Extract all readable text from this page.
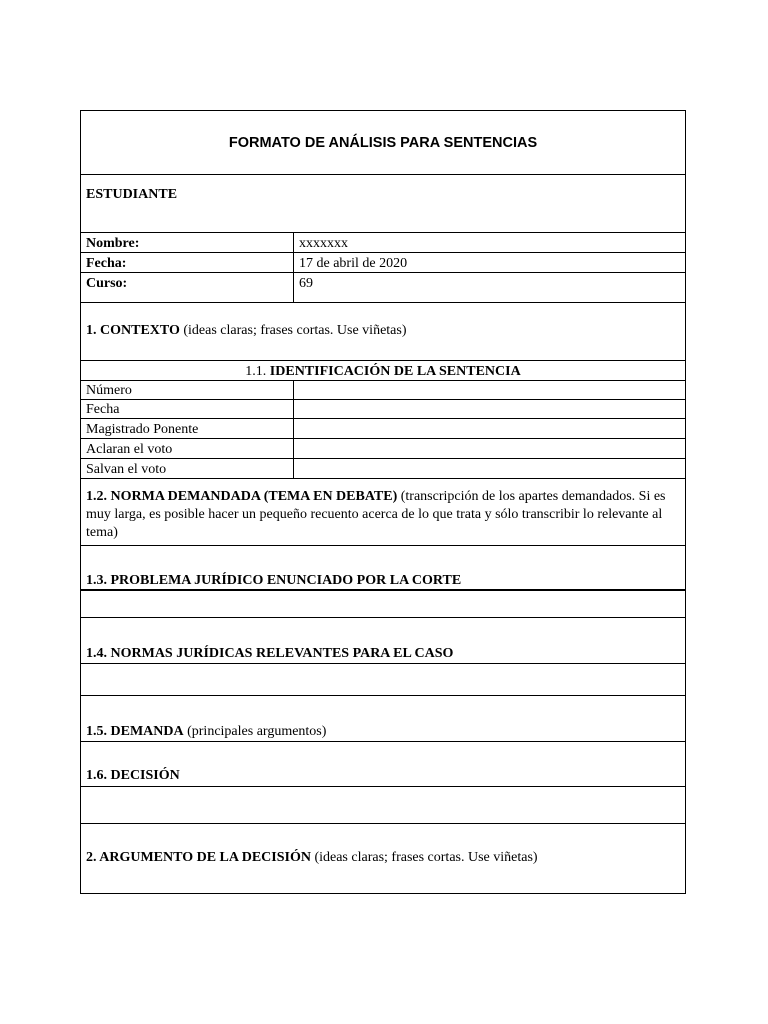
FORMATO DE ANÁLISIS PARA SENTENCIAS
ESTUDIANTE
Nombre:	xxxxxxx
Fecha:	17 de abril de 2020
Curso:	69
1. CONTEXTO (ideas claras; frases cortas. Use viñetas)
1.1. IDENTIFICACIÓN DE LA SENTENCIA
Número
Fecha
Magistrado Ponente
Aclaran el voto
Salvan el voto
1.2. NORMA DEMANDADA (TEMA EN DEBATE) (transcripción de los apartes demandados. Si es muy larga, es posible hacer un pequeño recuento acerca de lo que trata y sólo transcribir lo relevante al tema)
1.3. PROBLEMA JURÍDICO ENUNCIADO POR LA CORTE
1.4. NORMAS JURÍDICAS RELEVANTES PARA EL CASO
1.5. DEMANDA (principales argumentos)
1.6. DECISIÓN
2. ARGUMENTO DE LA DECISIÓN (ideas claras; frases cortas. Use viñetas)
